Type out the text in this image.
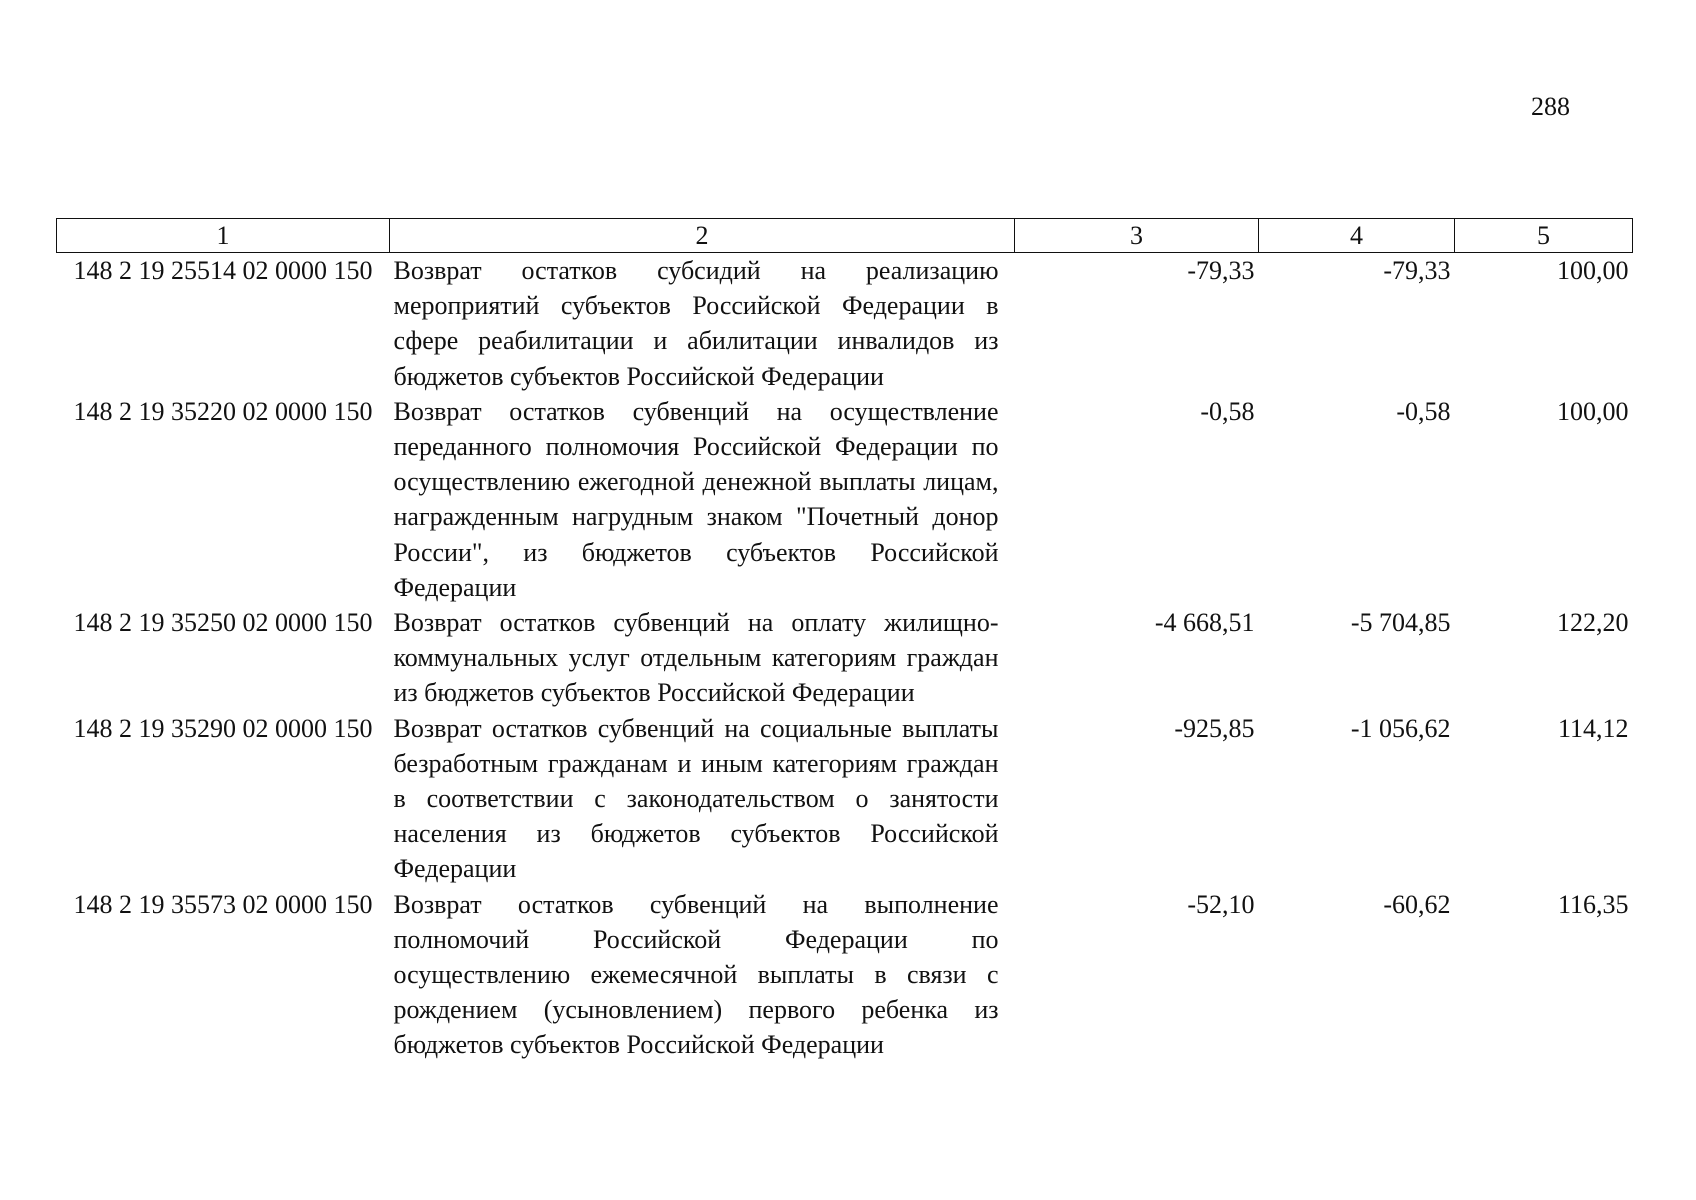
288
1	2	3	4	5
148 2 19 25514 02 0000 150	Возврат остатков субсидий на реализацию мероприятий субъектов Российской Федерации в сфере реабилитации и абилитации инвалидов из бюджетов субъектов Российской Федерации	-79,33	-79,33	100,00
148 2 19 35220 02 0000 150	Возврат остатков субвенций на осуществление переданного полномочия Российской Федерации по осуществлению ежегодной денежной выплаты лицам, награжденным нагрудным знаком "Почетный донор России", из бюджетов субъектов Российской Федерации	-0,58	-0,58	100,00
148 2 19 35250 02 0000 150	Возврат остатков субвенций на оплату жилищно-коммунальных услуг отдельным категориям граждан из бюджетов субъектов Российской Федерации	-4 668,51	-5 704,85	122,20
148 2 19 35290 02 0000 150	Возврат остатков субвенций на социальные выплаты безработным гражданам и иным категориям граждан в соответствии с законодательством о занятости населения из бюджетов субъектов Российской Федерации	-925,85	-1 056,62	114,12
148 2 19 35573 02 0000 150	Возврат остатков субвенций на выполнение полномочий Российской Федерации по осуществлению ежемесячной выплаты в связи с рождением (усыновлением) первого ребенка из бюджетов субъектов Российской Федерации	-52,10	-60,62	116,35
